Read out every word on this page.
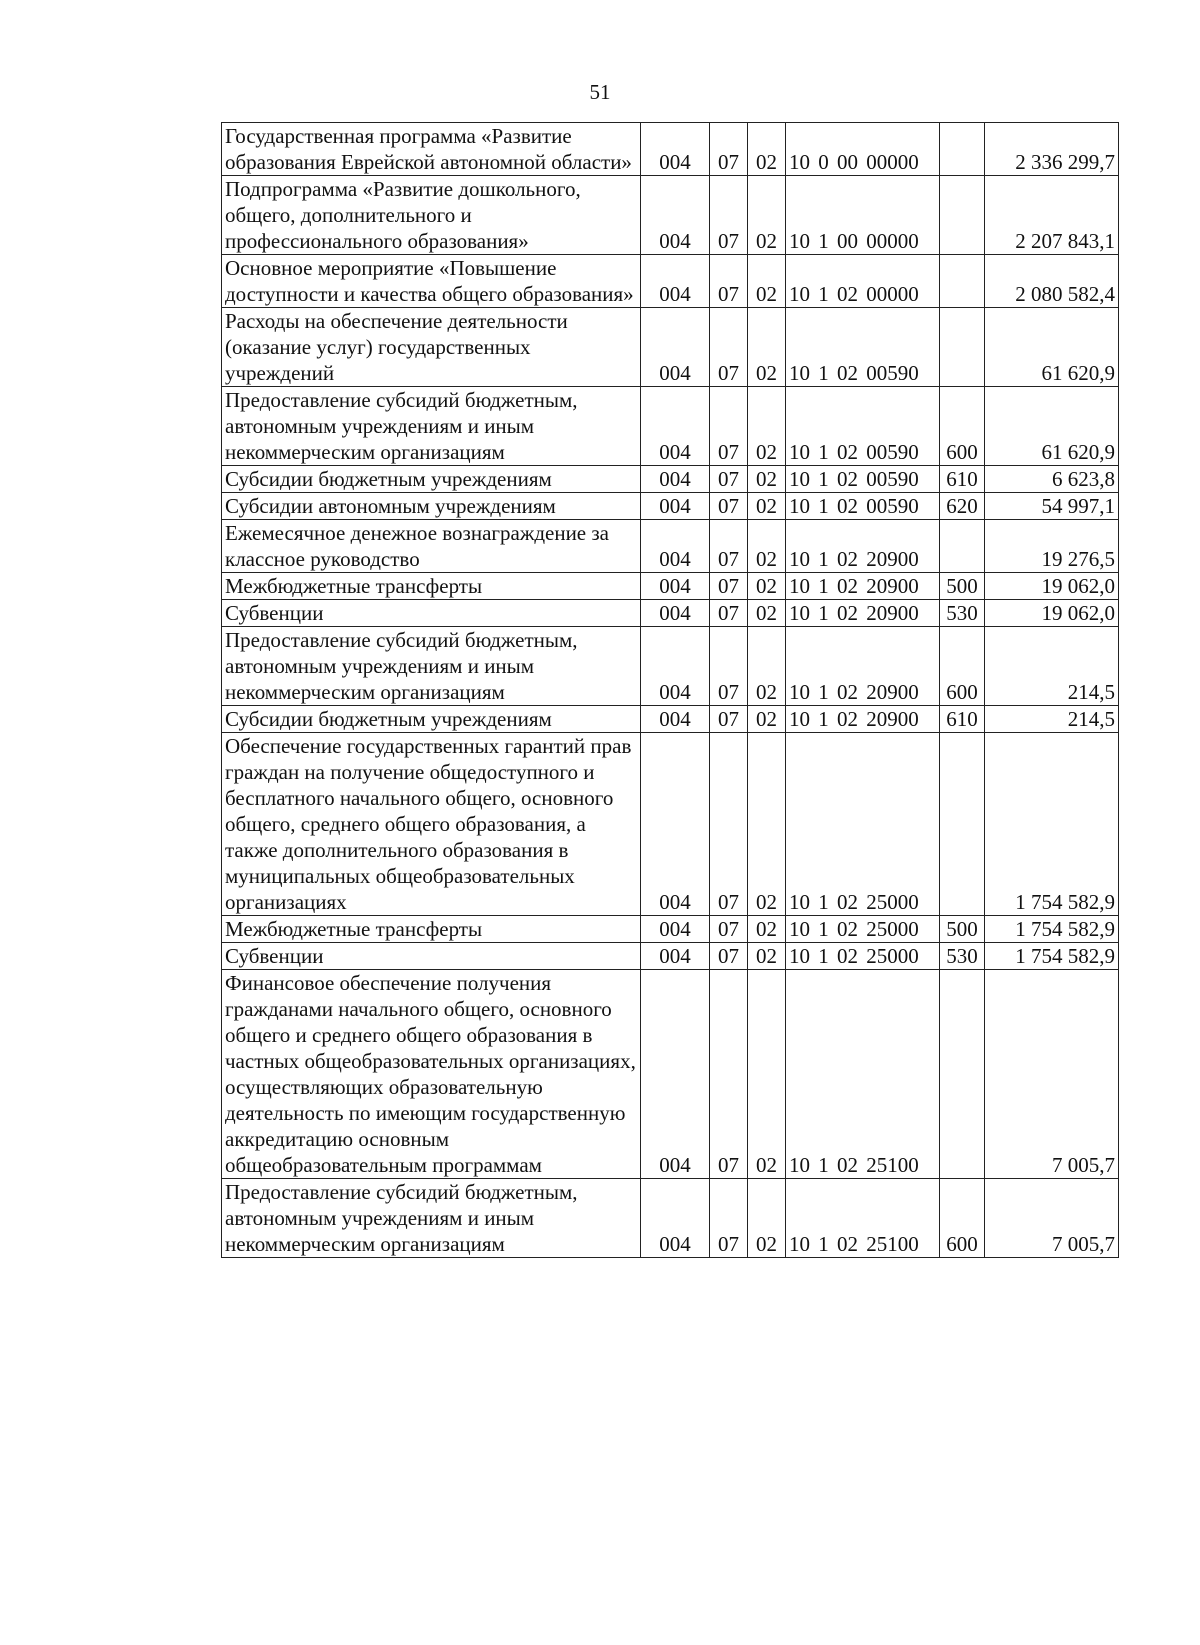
51
Государственная программа «Развитие образования Еврейской автономной области»	004	07	02	10 0 00 00000		2 336 299,7
Подпрограмма «Развитие дошкольного, общего, дополнительного и профессионального образования»	004	07	02	10 1 00 00000		2 207 843,1
Основное мероприятие «Повышение доступности и качества общего образования»	004	07	02	10 1 02 00000		2 080 582,4
Расходы на обеспечение деятельности (оказание услуг) государственных учреждений	004	07	02	10 1 02 00590		61 620,9
Предоставление субсидий бюджетным, автономным учреждениям и иным некоммерческим организациям	004	07	02	10 1 02 00590	600	61 620,9
Субсидии бюджетным учреждениям	004	07	02	10 1 02 00590	610	6 623,8
Субсидии автономным учреждениям	004	07	02	10 1 02 00590	620	54 997,1
Ежемесячное денежное вознаграждение за классное руководство	004	07	02	10 1 02 20900		19 276,5
Межбюджетные трансферты	004	07	02	10 1 02 20900	500	19 062,0
Субвенции	004	07	02	10 1 02 20900	530	19 062,0
Предоставление субсидий бюджетным, автономным учреждениям и иным некоммерческим организациям	004	07	02	10 1 02 20900	600	214,5
Субсидии бюджетным учреждениям	004	07	02	10 1 02 20900	610	214,5
Обеспечение государственных гарантий прав граждан на получение общедоступного и бесплатного начального общего, основного общего, среднего общего образования, а также дополнительного образования в муниципальных общеобразовательных организациях	004	07	02	10 1 02 25000		1 754 582,9
Межбюджетные трансферты	004	07	02	10 1 02 25000	500	1 754 582,9
Субвенции	004	07	02	10 1 02 25000	530	1 754 582,9
Финансовое обеспечение получения гражданами начального общего, основного общего и среднего общего образования в частных общеобразовательных организациях, осуществляющих образовательную деятельность по имеющим государственную аккредитацию основным общеобразовательным программам	004	07	02	10 1 02 25100		7 005,7
Предоставление субсидий бюджетным, автономным учреждениям и иным некоммерческим организациям	004	07	02	10 1 02 25100	600	7 005,7
